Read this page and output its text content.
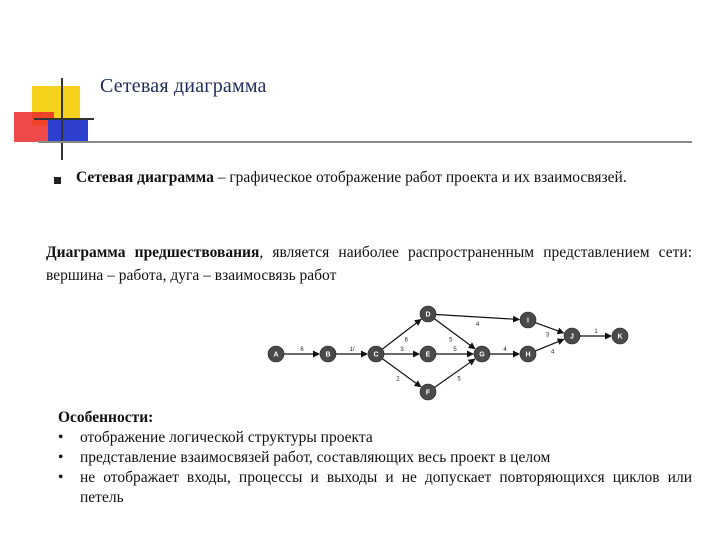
Сетевая диаграмма
Сетевая диаграмма – графическое отображение работ проекта и их взаимосвязей.
Диаграмма предшествования, является наиболее распространенным представлением сети: вершина – работа, дуга – взаимосвязь работ
6	1/
6
3
2
4
5
5
5
4
3
4
1
A	B	C
D
E
F
G	H
I
J	K
Особенности:
•	отображение логической структуры проекта
•	представление взаимосвязей работ, составляющих весь проект в целом
•	не отображает входы, процессы и выходы и не допускает повторяющихся циклов или петель
